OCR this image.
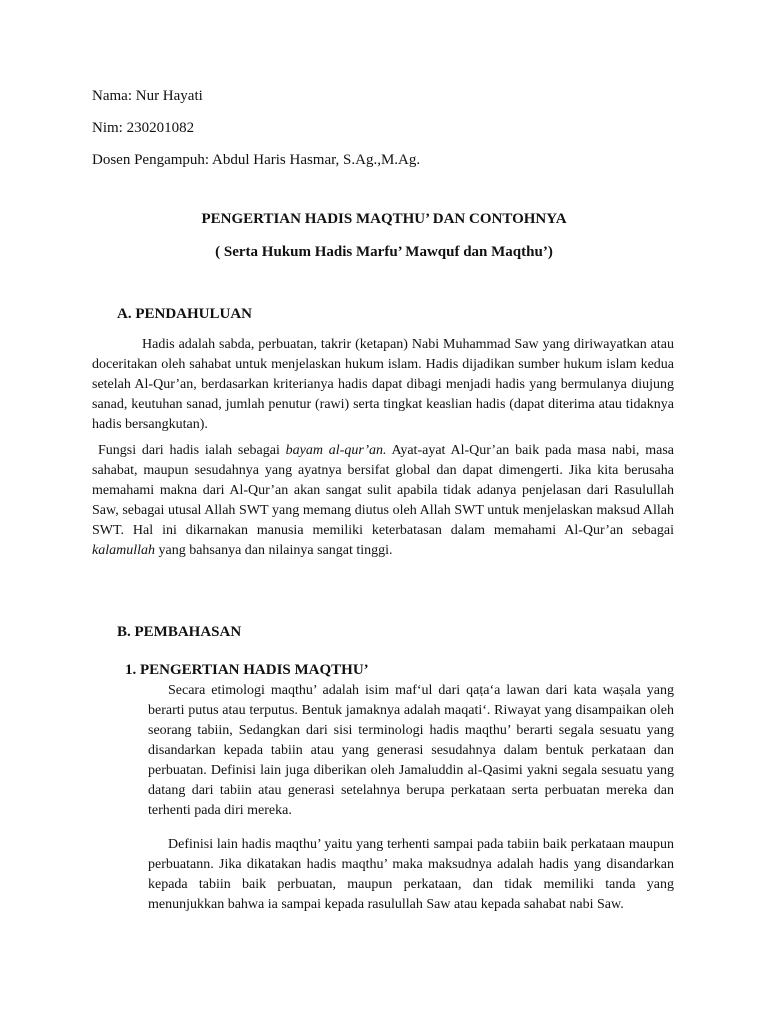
Nama: Nur Hayati
Nim: 230201082
Dosen Pengampuh: Abdul Haris Hasmar, S.Ag.,M.Ag.
PENGERTIAN HADIS MAQTHU’ DAN CONTOHNYA
( Serta Hukum Hadis Marfu’ Mawquf dan Maqthu’)
A. PENDAHULUAN
Hadis adalah sabda, perbuatan, takrir (ketapan) Nabi Muhammad Saw yang diriwayatkan atau doceritakan oleh sahabat untuk menjelaskan hukum islam. Hadis dijadikan sumber hukum islam kedua setelah Al-Qur’an, berdasarkan kriterianya hadis dapat dibagi menjadi hadis yang bermulanya diujung sanad, keutuhan sanad, jumlah penutur (rawi) serta tingkat keaslian hadis (dapat diterima atau tidaknya hadis bersangkutan).
Fungsi dari hadis ialah sebagai bayam al-qur’an. Ayat-ayat Al-Qur’an baik pada masa nabi, masa sahabat, maupun sesudahnya yang ayatnya bersifat global dan dapat dimengerti. Jika kita berusaha memahami makna dari Al-Qur’an akan sangat sulit apabila tidak adanya penjelasan dari Rasulullah Saw, sebagai utusal Allah SWT yang memang diutus oleh Allah SWT untuk menjelaskan maksud Allah SWT. Hal ini dikarnakan manusia memiliki keterbatasan dalam memahami Al-Qur’an sebagai kalamullah yang bahsanya dan nilainya sangat tinggi.
B. PEMBAHASAN
1. PENGERTIAN HADIS MAQTHU’
Secara etimologi maqthu’ adalah isim maf‘ul dari qaṭa‘a lawan dari kata waṣala yang berarti putus atau terputus. Bentuk jamaknya adalah maqati‘. Riwayat yang disampaikan oleh seorang tabiin, Sedangkan dari sisi terminologi hadis maqthu’ berarti segala sesuatu yang disandarkan kepada tabiin atau yang generasi sesudahnya dalam bentuk perkataan dan perbuatan. Definisi lain juga diberikan oleh Jamaluddin al-Qasimi yakni segala sesuatu yang datang dari tabiin atau generasi setelahnya berupa perkataan serta perbuatan mereka dan terhenti pada diri mereka.
Definisi lain hadis maqthu’ yaitu yang terhenti sampai pada tabiin baik perkataan maupun perbuatann. Jika dikatakan hadis maqthu’ maka maksudnya adalah hadis yang disandarkan kepada tabiin baik perbuatan, maupun perkataan, dan tidak memiliki tanda yang menunjukkan bahwa ia sampai kepada rasulullah Saw atau kepada sahabat nabi Saw.
